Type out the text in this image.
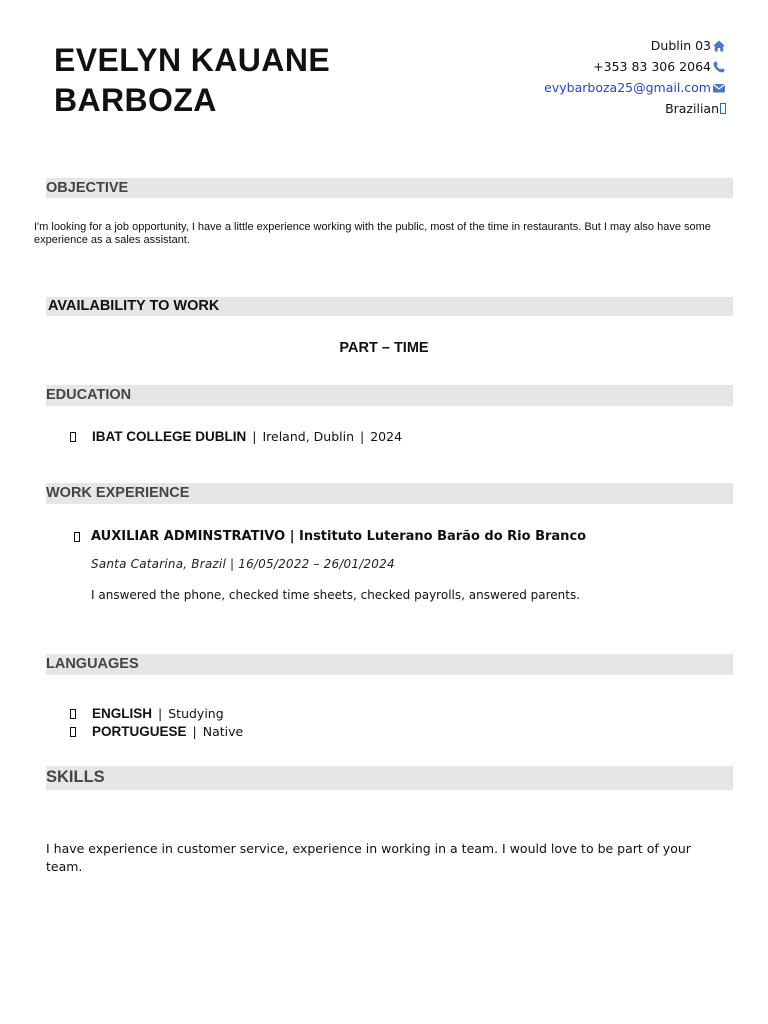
EVELYN KAUANE
BARBOZA
Dublin 03
+353 83 306 2064
evybarboza25@gmail.com
Brazilian
OBJECTIVE
I'm looking for a job opportunity, I have a little experience working with the public, most of the time in restaurants. But I may also have some experience as a sales assistant.
AVAILABILITY TO WORK
PART – TIME
EDUCATION
IBAT COLLEGE DUBLIN | Ireland, Dublin | 2024
WORK EXPERIENCE
AUXILIAR ADMINSTRATIVO | Instituto Luterano Barão do Rio Branco
Santa Catarina, Brazil | 16/05/2022 – 26/01/2024
I answered the phone, checked time sheets, checked payrolls, answered parents.
LANGUAGES
ENGLISH | Studying
PORTUGUESE | Native
SKILLS
I have experience in customer service, experience in working in a team. I would love to be part of your team.
